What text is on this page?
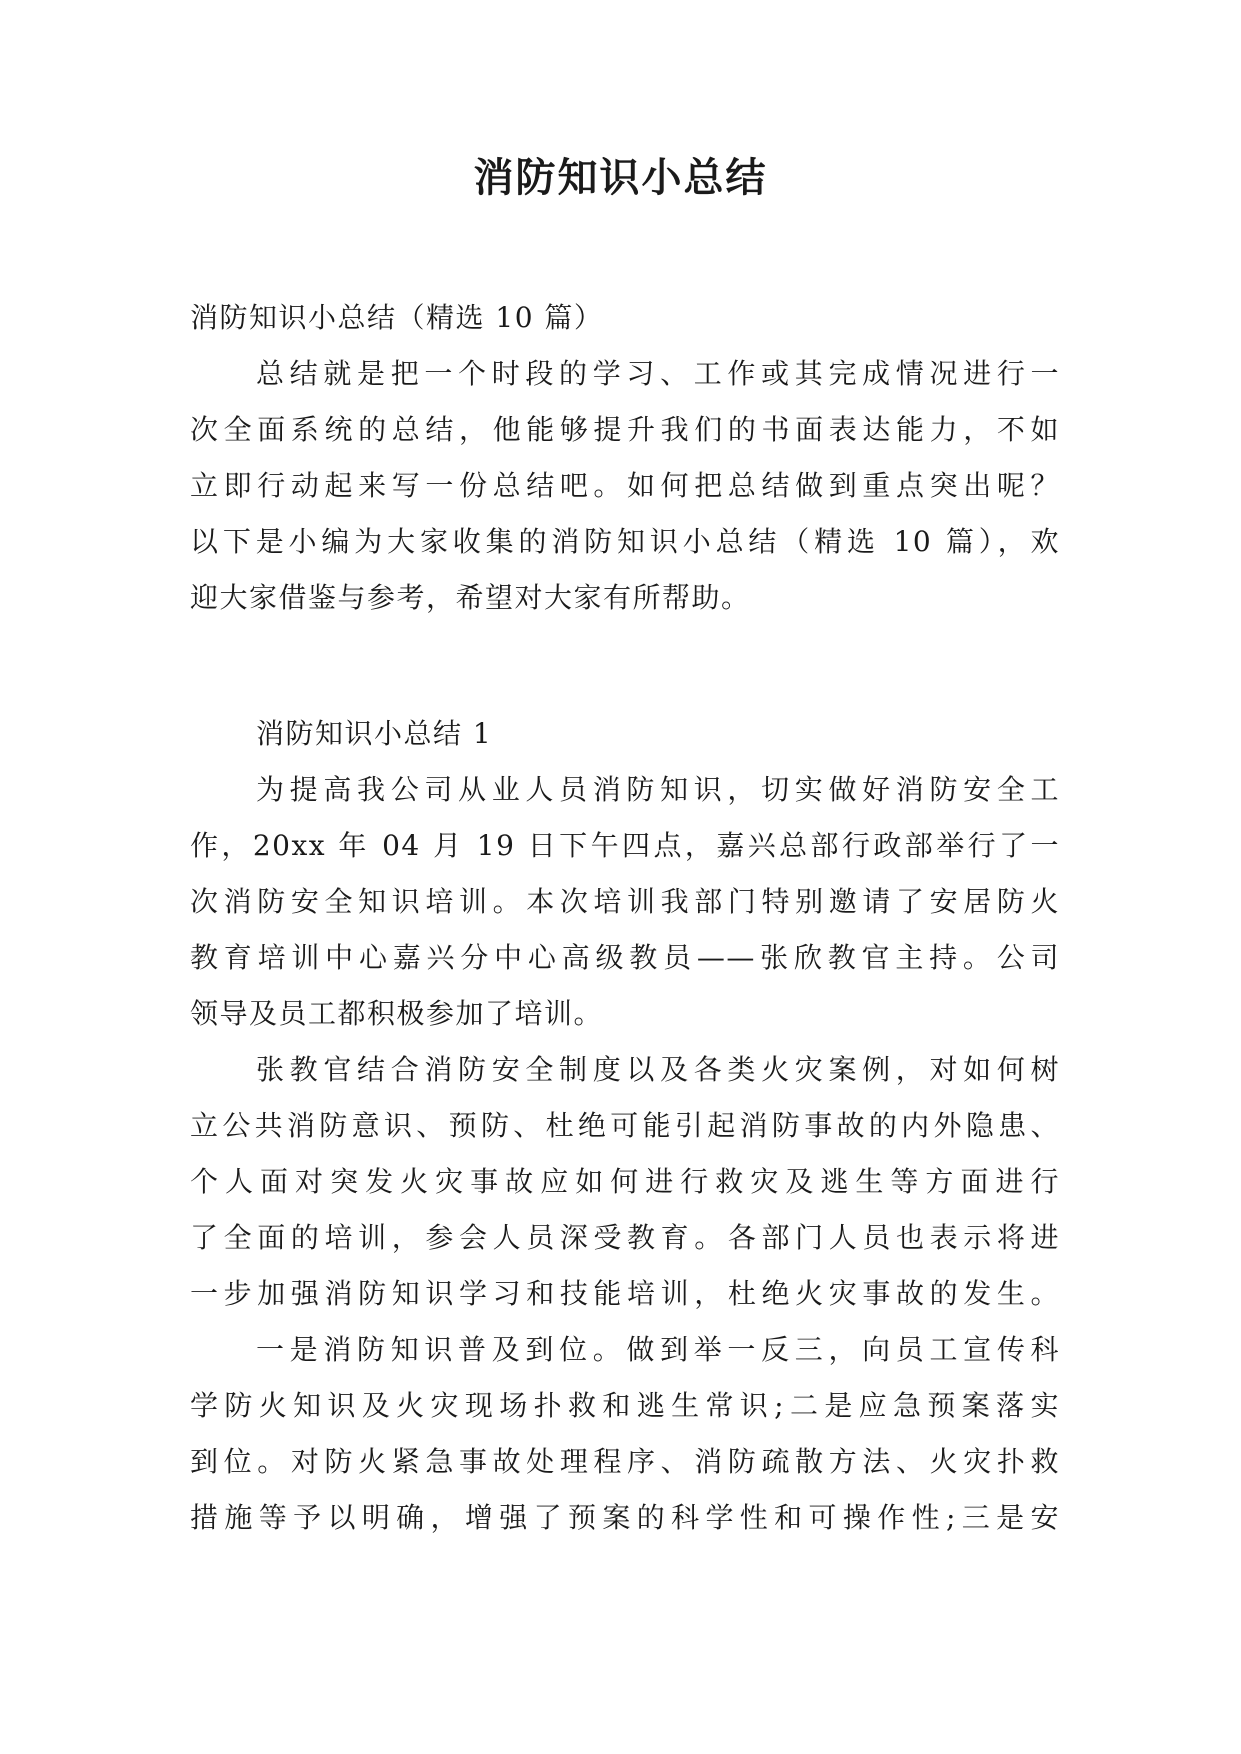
消防知识小总结

消防知识小总结（精选 10 篇）

总结就是把一个时段的学习、工作或其完成情况进行一

次全面系统的总结，他能够提升我们的书面表达能力，不如

立即行动起来写一份总结吧。如何把总结做到重点突出呢？

以下是小编为大家收集的消防知识小总结（精选 10 篇），欢

迎大家借鉴与参考，希望对大家有所帮助。

消防知识小总结 1

为提高我公司从业人员消防知识，切实做好消防安全工

作，20xx 年 04 月 19 日下午四点，嘉兴总部行政部举行了一

次消防安全知识培训。本次培训我部门特别邀请了安居防火

教育培训中心嘉兴分中心高级教员——张欣教官主持。公司

领导及员工都积极参加了培训。

张教官结合消防安全制度以及各类火灾案例，对如何树

立公共消防意识、预防、杜绝可能引起消防事故的内外隐患、

个人面对突发火灾事故应如何进行救灾及逃生等方面进行

了全面的培训，参会人员深受教育。各部门人员也表示将进

一步加强消防知识学习和技能培训，杜绝火灾事故的发生。

一是消防知识普及到位。做到举一反三，向员工宣传科

学防火知识及火灾现场扑救和逃生常识;二是应急预案落实

到位。对防火紧急事故处理程序、消防疏散方法、火灾扑救

措施等予以明确，增强了预案的科学性和可操作性;三是安
